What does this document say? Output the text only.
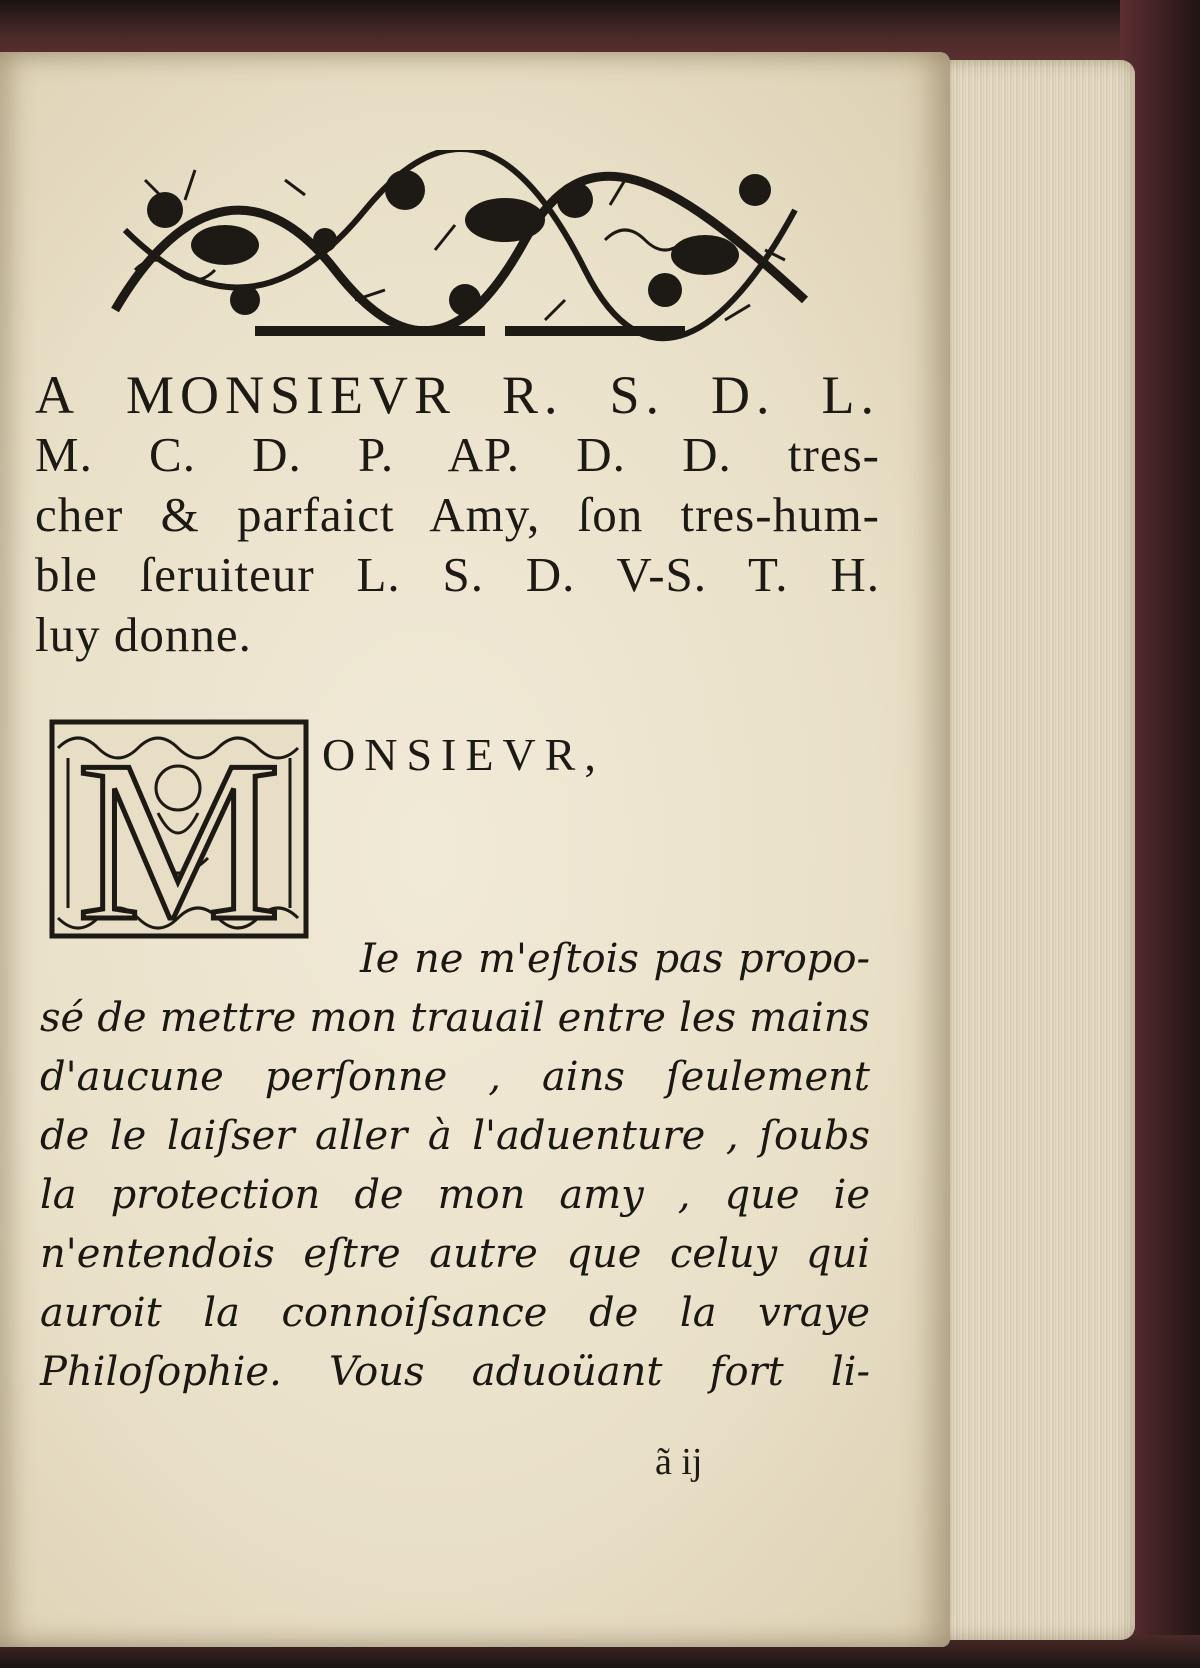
A MONSIEVR R. S. D. L.
M. C. D. P. AP. D. D. tres-
cher & parfaict Amy, ſon tres-hum-
ble ſeruiteur L. S. D. V-S. T. H.
luy donne.
M ONSIEVR,
Ie ne m'eſtois pas propo-
sé de mettre mon trauail entre les mains
d'aucune perſonne , ains ſeulement
de le laiſser aller à l'aduenture , ſoubs
la protection de mon amy , que ie
n'entendois eſtre autre que celuy qui
auroit la connoiſsance de la vraye
Philoſophie. Vous aduoüant fort li-
ã ij
